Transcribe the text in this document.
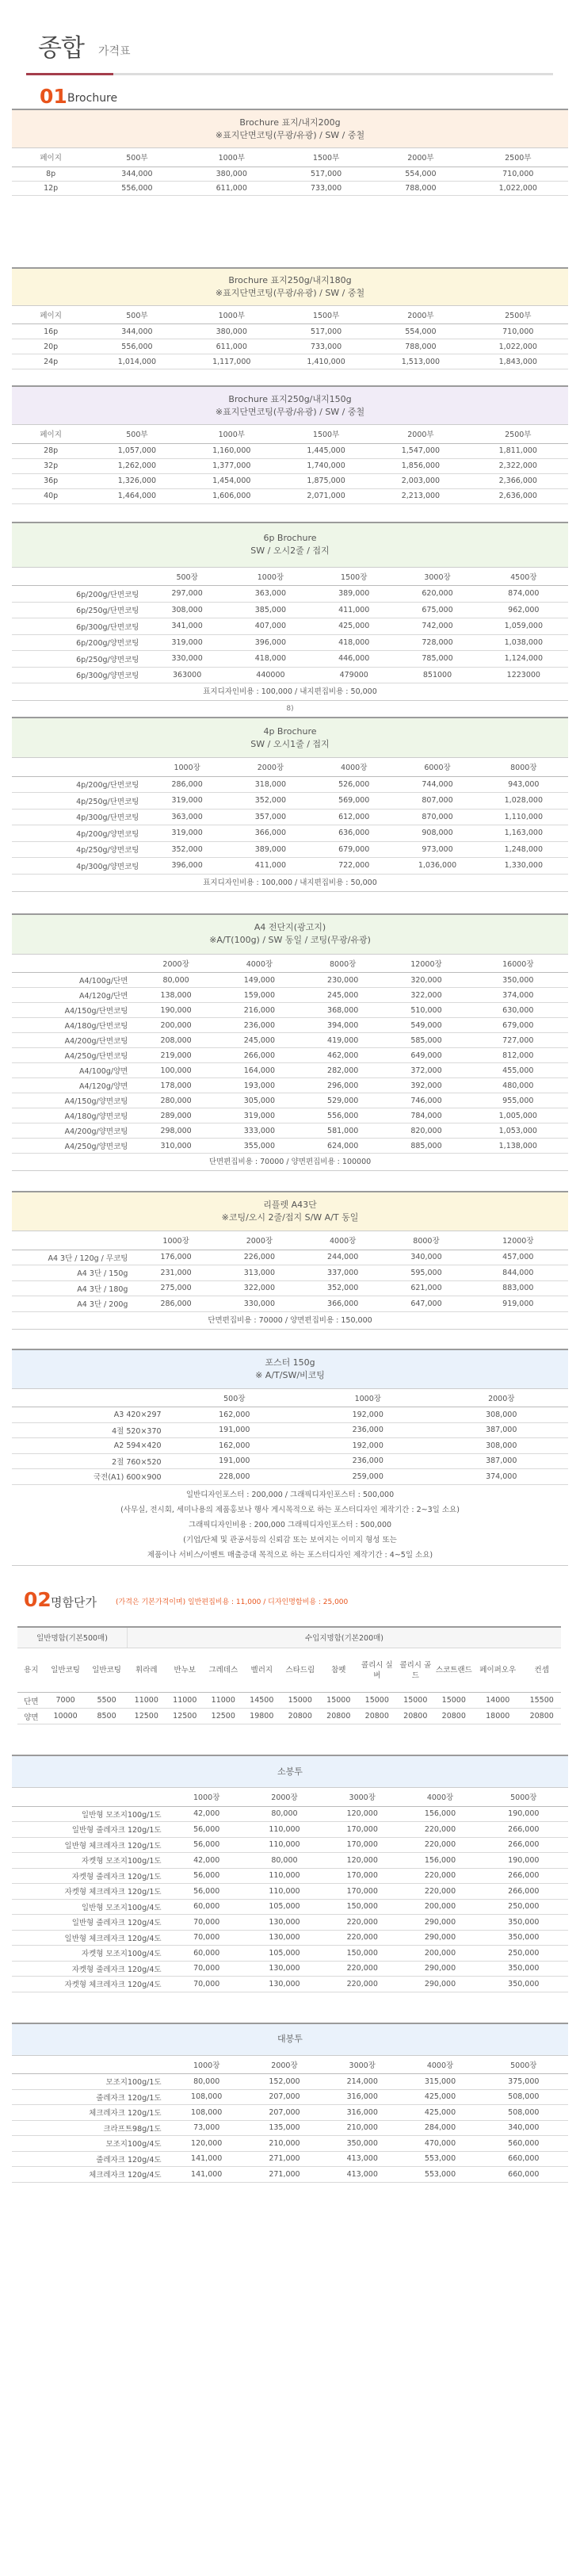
종합 가격표
01 Brochure
Brochure 표지/내지200g
※표지단면코팅(무광/유광) / SW / 중철
페이지	500부	1000부	1500부	2000부	2500부
8p	344,000	380,000	517,000	554,000	710,000
12p	556,000	611,000	733,000	788,000	1,022,000
Brochure 표지250g/내지180g
※표지단면코팅(무광/유광) / SW / 중철
페이지	500부	1000부	1500부	2000부	2500부
16p	344,000	380,000	517,000	554,000	710,000
20p	556,000	611,000	733,000	788,000	1,022,000
24p	1,014,000	1,117,000	1,410,000	1,513,000	1,843,000
Brochure 표지250g/내지150g
※표지단면코팅(무광/유광) / SW / 중철
페이지	500부	1000부	1500부	2000부	2500부
28p	1,057,000	1,160,000	1,445,000	1,547,000	1,811,000
32p	1,262,000	1,377,000	1,740,000	1,856,000	2,322,000
36p	1,326,000	1,454,000	1,875,000	2,003,000	2,366,000
40p	1,464,000	1,606,000	2,071,000	2,213,000	2,636,000
6p Brochure
SW / 오시2줄 / 접지
	500장	1000장	1500장	3000장	4500장
6p/200g/단면코팅	297,000	363,000	389,000	620,000	874,000
6p/250g/단면코팅	308,000	385,000	411,000	675,000	962,000
6p/300g/단면코팅	341,000	407,000	425,000	742,000	1,059,000
6p/200g/양면코팅	319,000	396,000	418,000	728,000	1,038,000
6p/250g/양면코팅	330,000	418,000	446,000	785,000	1,124,000
6p/300g/양면코팅	363000	440000	479000	851000	1223000
표지디자인비용 : 100,000 / 내지편집비용 : 50,000
8)
4p Brochure
SW / 오시1줄 / 접지
	1000장	2000장	4000장	6000장	8000장
4p/200g/단면코팅	286,000	318,000	526,000	744,000	943,000
4p/250g/단면코팅	319,000	352,000	569,000	807,000	1,028,000
4p/300g/단면코팅	363,000	357,000	612,000	870,000	1,110,000
4p/200g/양면코팅	319,000	366,000	636,000	908,000	1,163,000
4p/250g/양면코팅	352,000	389,000	679,000	973,000	1,248,000
4p/300g/양면코팅	396,000	411,000	722,000	1,036,000	1,330,000
표지디자인비용 : 100,000 / 내지편집비용 : 50,000
A4 전단지(광고지)
※A/T(100g) / SW 동일 / 코팅(무광/유광)
	2000장	4000장	8000장	12000장	16000장
A4/100g/단면	80,000	149,000	230,000	320,000	350,000
A4/120g/단면	138,000	159,000	245,000	322,000	374,000
A4/150g/단면코팅	190,000	216,000	368,000	510,000	630,000
A4/180g/단면코팅	200,000	236,000	394,000	549,000	679,000
A4/200g/단면코팅	208,000	245,000	419,000	585,000	727,000
A4/250g/단면코팅	219,000	266,000	462,000	649,000	812,000
A4/100g/양면	100,000	164,000	282,000	372,000	455,000
A4/120g/양면	178,000	193,000	296,000	392,000	480,000
A4/150g/양면코팅	280,000	305,000	529,000	746,000	955,000
A4/180g/양면코팅	289,000	319,000	556,000	784,000	1,005,000
A4/200g/양면코팅	298,000	333,000	581,000	820,000	1,053,000
A4/250g/양면코팅	310,000	355,000	624,000	885,000	1,138,000
단면편집비용 : 70000 / 양면편집비용 : 100000
리플렛 A43단
※코팅/오시 2줄/접지 S/W A/T 동일
	1000장	2000장	4000장	8000장	12000장
A4 3단 / 120g / 무코팅	176,000	226,000	244,000	340,000	457,000
A4 3단 / 150g	231,000	313,000	337,000	595,000	844,000
A4 3단 / 180g	275,000	322,000	352,000	621,000	883,000
A4 3단 / 200g	286,000	330,000	366,000	647,000	919,000
단면편집비용 : 70000 / 양면편집비용 : 150,000
포스터 150g
※ A/T/SW/비코팅
	500장	1000장	2000장
A3 420×297	162,000	192,000	308,000
4절 520×370	191,000	236,000	387,000
A2 594×420	162,000	192,000	308,000
2절 760×520	191,000	236,000	387,000
국전(A1) 600×900	228,000	259,000	374,000
일반디자인포스터 : 200,000 / 그래픽디자인포스터 : 500,000
(사무실, 전시회, 세미나용의 제품홍보나 행사 게시목적으로 하는 포스터디자인 제작기간 : 2~3일 소요)
그래픽디자인비용 : 200,000 그래픽디자인포스터 : 500,000
(기업/단체 및 관공서등의 신뢰감 또는 보여지는 이미지 형성 또는
제품이나 서비스/이벤트 매출증대 목적으로 하는 포스터디자인 제작기간 : 4~5일 소요)
02 명함단가	(가격은 기본가격이며) 일반편집비용 : 11,000 / 디자인명함비용 : 25,000
일반명함(기본500매)			수입지명함(기본200매)										
용지	일반코팅	일반코팅	휘라레	반누보	그레데스	벨러지	스타드림	참펫	콜리시 실버	콜리시 골드	스코트랜드	페이퍼오우	컨셉
단면	7000	5500	11000	11000	11000	14500	15000	15000	15000	15000	15000	14000	15500
양면	10000	8500	12500	12500	12500	19800	20800	20800	20800	20800	20800	18000	20800
소봉투
	1000장	2000장	3000장	4000장	5000장
일반형 모조지100g/1도	42,000	80,000	120,000	156,000	190,000
일반형 줄레자크 120g/1도	56,000	110,000	170,000	220,000	266,000
일반형 체크레자크 120g/1도	56,000	110,000	170,000	220,000	266,000
자켓형 모조지100g/1도	42,000	80,000	120,000	156,000	190,000
자켓형 줄레자크 120g/1도	56,000	110,000	170,000	220,000	266,000
자켓형 체크레자크 120g/1도	56,000	110,000	170,000	220,000	266,000
일반형 모조지100g/4도	60,000	105,000	150,000	200,000	250,000
일반형 줄레자크 120g/4도	70,000	130,000	220,000	290,000	350,000
일반형 체크레자크 120g/4도	70,000	130,000	220,000	290,000	350,000
자켓형 모조지100g/4도	60,000	105,000	150,000	200,000	250,000
자켓형 줄레자크 120g/4도	70,000	130,000	220,000	290,000	350,000
자켓형 체크레자크 120g/4도	70,000	130,000	220,000	290,000	350,000
대봉투
	1000장	2000장	3000장	4000장	5000장
모조지100g/1도	80,000	152,000	214,000	315,000	375,000
줄레자크 120g/1도	108,000	207,000	316,000	425,000	508,000
체크레자크 120g/1도	108,000	207,000	316,000	425,000	508,000
크라프트98g/1도	73,000	135,000	210,000	284,000	340,000
모조지100g/4도	120,000	210,000	350,000	470,000	560,000
줄레자크 120g/4도	141,000	271,000	413,000	553,000	660,000
체크레자크 120g/4도	141,000	271,000	413,000	553,000	660,000
